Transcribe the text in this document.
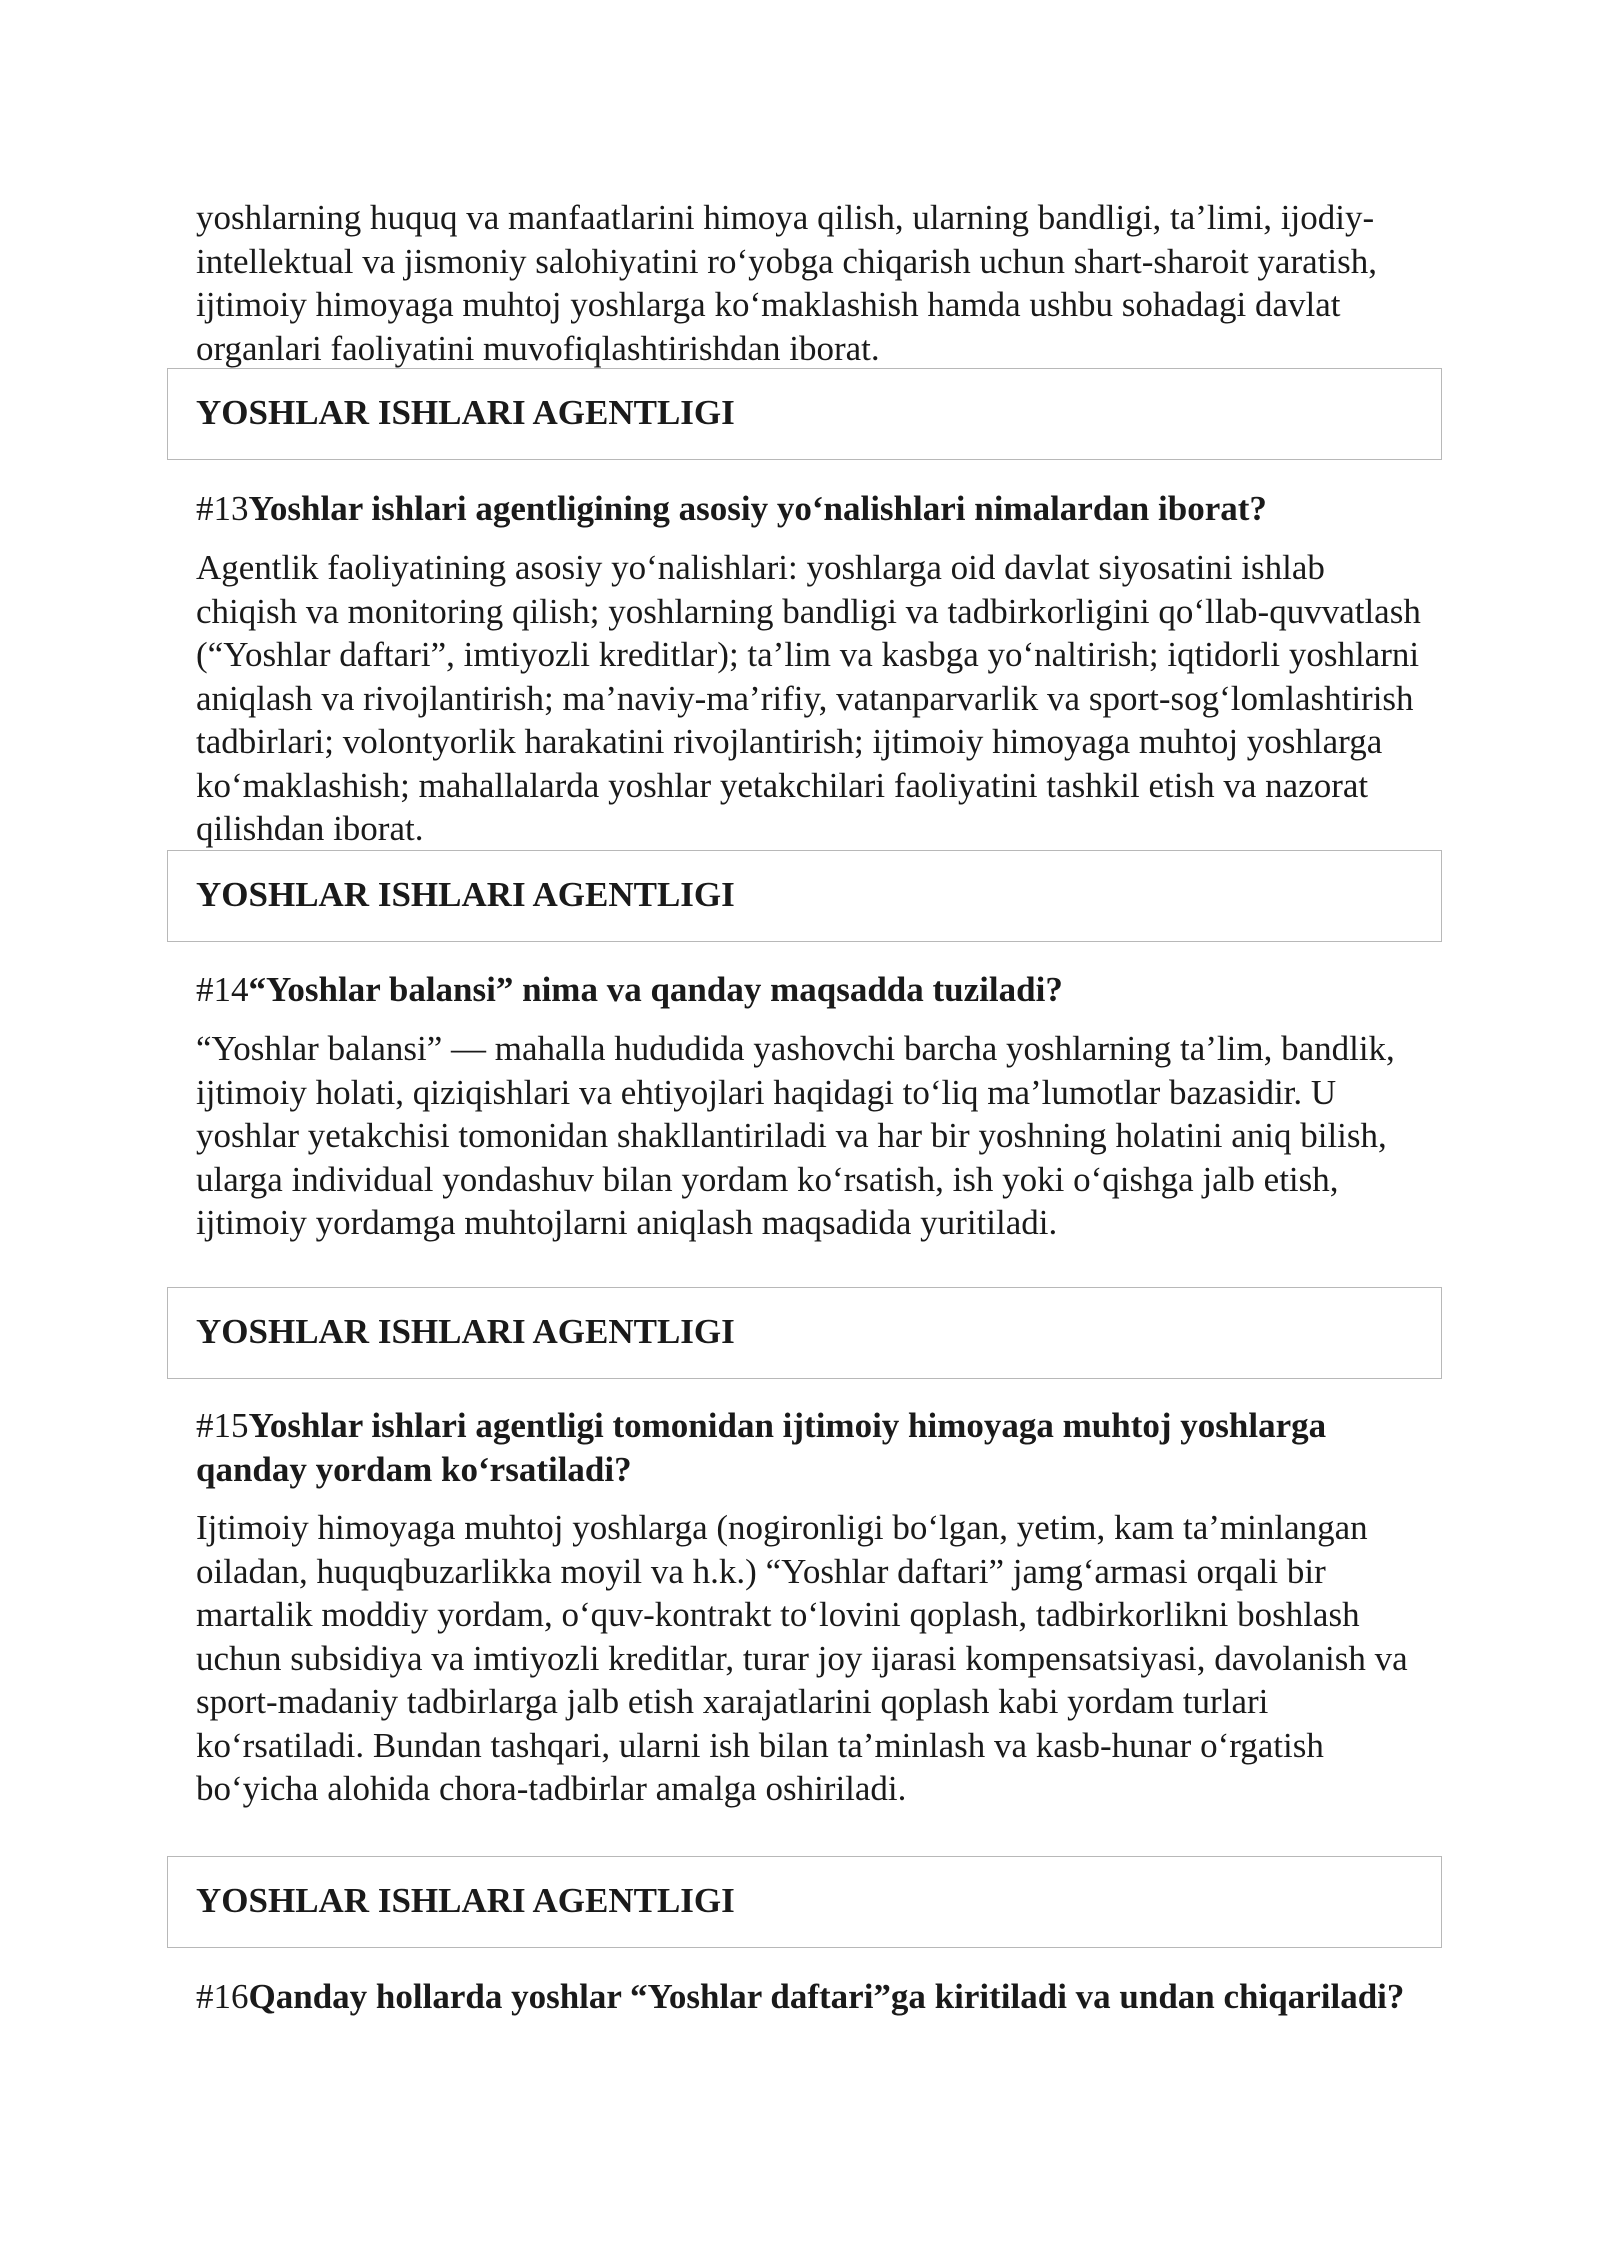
yoshlarning huquq va manfaatlarini himoya qilish, ularning bandligi, ta’limi, ijodiy-intellektual va jismoniy salohiyatini ro‘yobga chiqarish uchun shart-sharoit yaratish, ijtimoiy himoyaga muhtoj yoshlarga ko‘maklashish hamda ushbu sohadagi davlat organlari faoliyatini muvofiqlashtirishdan iborat.

YOSHLAR ISHLARI AGENTLIGI

#13Yoshlar ishlari agentligining asosiy yo‘nalishlari nimalardan iborat?

Agentlik faoliyatining asosiy yo‘nalishlari: yoshlarga oid davlat siyosatini ishlab chiqish va monitoring qilish; yoshlarning bandligi va tadbirkorligini qo‘llab-quvvatlash (“Yoshlar daftari”, imtiyozli kreditlar); ta’lim va kasbga yo‘naltirish; iqtidorli yoshlarni aniqlash va rivojlantirish; ma’naviy-ma’rifiy, vatanparvarlik va sport-sog‘lomlashtirish tadbirlari; volontyorlik harakatini rivojlantirish; ijtimoiy himoyaga muhtoj yoshlarga ko‘maklashish; mahallalarda yoshlar yetakchilari faoliyatini tashkil etish va nazorat qilishdan iborat.

YOSHLAR ISHLARI AGENTLIGI

#14“Yoshlar balansi” nima va qanday maqsadda tuziladi?

“Yoshlar balansi” — mahalla hududida yashovchi barcha yoshlarning ta’lim, bandlik, ijtimoiy holati, qiziqishlari va ehtiyojlari haqidagi to‘liq ma’lumotlar bazasidir. U yoshlar yetakchisi tomonidan shakllantiriladi va har bir yoshning holatini aniq bilish, ularga individual yondashuv bilan yordam ko‘rsatish, ish yoki o‘qishga jalb etish, ijtimoiy yordamga muhtojlarni aniqlash maqsadida yuritiladi.

YOSHLAR ISHLARI AGENTLIGI

#15Yoshlar ishlari agentligi tomonidan ijtimoiy himoyaga muhtoj yoshlarga qanday yordam ko‘rsatiladi?

Ijtimoiy himoyaga muhtoj yoshlarga (nogironligi bo‘lgan, yetim, kam ta’minlangan oiladan, huquqbuzarlikka moyil va h.k.) “Yoshlar daftari” jamg‘armasi orqali bir martalik moddiy yordam, o‘quv-kontrakt to‘lovini qoplash, tadbirkorlikni boshlash uchun subsidiya va imtiyozli kreditlar, turar joy ijarasi kompensatsiyasi, davolanish va sport-madaniy tadbirlarga jalb etish xarajatlarini qoplash kabi yordam turlari ko‘rsatiladi. Bundan tashqari, ularni ish bilan ta’minlash va kasb-hunar o‘rgatish bo‘yicha alohida chora-tadbirlar amalga oshiriladi.

YOSHLAR ISHLARI AGENTLIGI

#16Qanday hollarda yoshlar “Yoshlar daftari”ga kiritiladi va undan chiqariladi?
